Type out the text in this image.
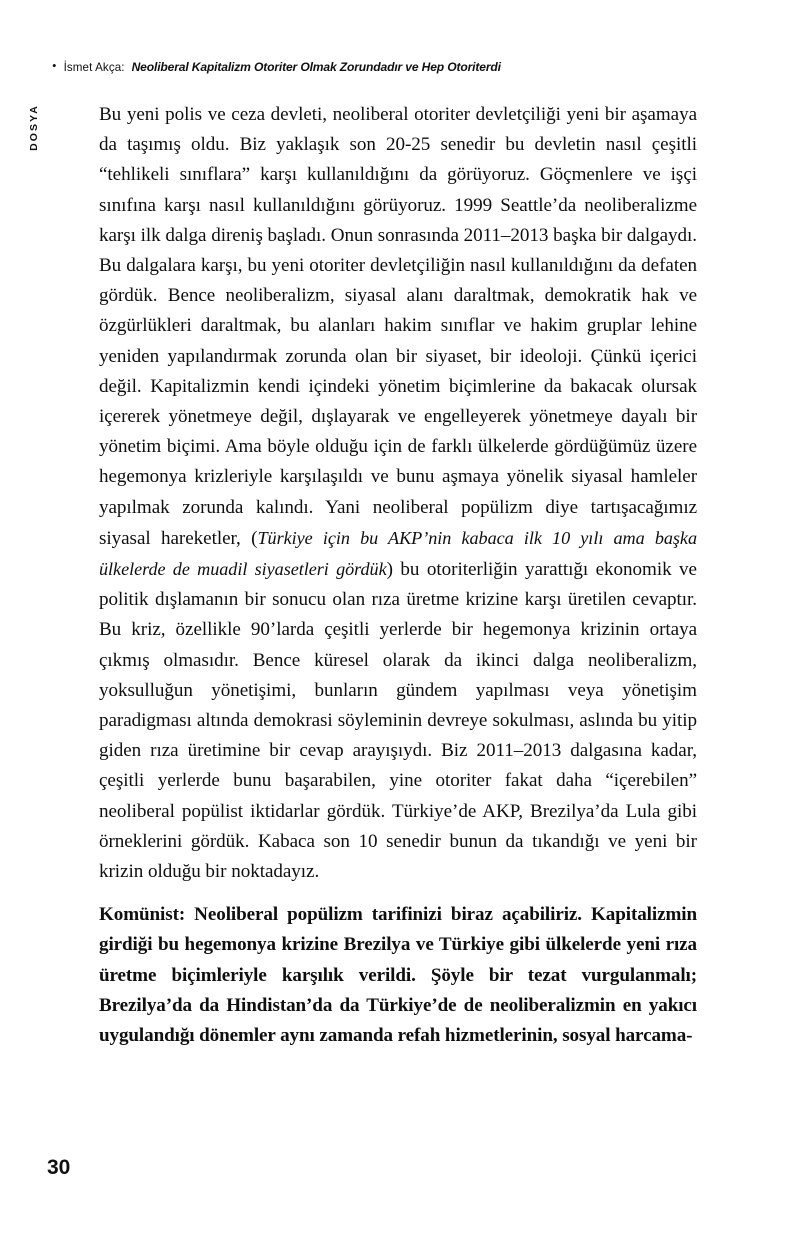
• İsmet Akça: Neoliberal Kapitalizm Otoriter Olmak Zorundadır ve Hep Otoriterdi
DOSYA	Bu yeni polis ve ceza devleti, neoliberal otoriter devletçiliği yeni bir aşamaya da taşımış oldu. Biz yaklaşık son 20-25 senedir bu devletin nasıl çeşitli “tehlikeli sınıflara” karşı kullanıldığını da görüyoruz. Göçmenlere ve işçi sınıfına karşı nasıl kullanıldığını görüyoruz. 1999 Seattle’da neoliberalizme karşı ilk dalga direniş başladı. Onun sonrasında 2011–2013 başka bir dalgaydı. Bu dalgalara karşı, bu yeni otoriter devletçiliğin nasıl kullanıldığını da defaten gördük. Bence neoliberalizm, siyasal alanı daraltmak, demokratik hak ve özgürlükleri daraltmak, bu alanları hakim sınıflar ve hakim gruplar lehine yeniden yapılandırmak zorunda olan bir siyaset, bir ideoloji. Çünkü içerici değil. Kapitalizmin kendi içindeki yönetim biçimlerine da bakacak olursak içererek yönetmeye değil, dışlayarak ve engelleyerek yönetmeye dayalı bir yönetim biçimi. Ama böyle olduğu için de farklı ülkelerde gördüğümüz üzere hegemonya krizleriyle karşılaşıldı ve bunu aşmaya yönelik siyasal hamleler yapılmak zorunda kalındı. Yani neoliberal popülizm diye tartışacağımız siyasal hareketler, (Türkiye için bu AKP’nin kabaca ilk 10 yılı ama başka ülkelerde de muadil siyasetleri gördük) bu otoriterliğin yarattığı ekonomik ve politik dışlamanın bir sonucu olan rıza üretme krizine karşı üretilen cevaptır. Bu kriz, özellikle 90’larda çeşitli yerlerde bir hegemonya krizinin ortaya çıkmış olmasıdır. Bence küresel olarak da ikinci dalga neoliberalizm, yoksulluğun yönetişimi, bunların gündem yapılması veya yönetişim paradigması altında demokrasi söyleminin devreye sokulması, aslında bu yitip giden rıza üretimine bir cevap arayışıydı. Biz 2011–2013 dalgasına kadar, çeşitli yerlerde bunu başarabilen, yine otoriter fakat daha “içerebilen” neoliberal popülist iktidarlar gördük. Türkiye’de AKP, Brezilya’da Lula gibi örneklerini gördük. Kabaca son 10 senedir bunun da tıkandığı ve yeni bir krizin olduğu bir noktadayız.

Komünist: Neoliberal popülizm tarifinizi biraz açabiliriz. Kapitalizmin girdiği bu hegemonya krizine Brezilya ve Türkiye gibi ülkelerde yeni rıza üretme biçimleriyle karşılık verildi. Şöyle bir tezat vurgulanmalı; Brezilya’da da Hindistan’da da Türkiye’de de neoliberalizmin en yakıcı uygulandığı dönemler aynı zamanda refah hizmetlerinin, sosyal harcama-

30
